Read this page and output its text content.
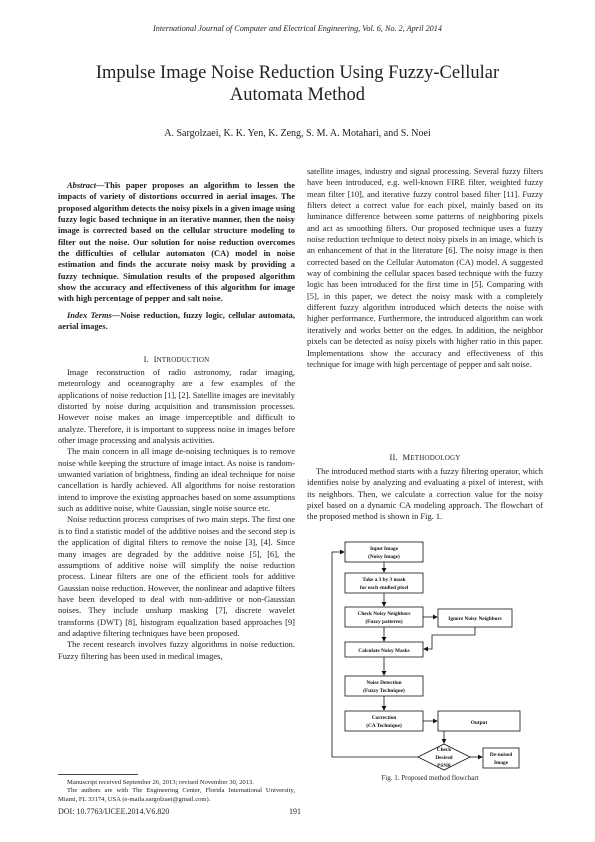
International Journal of Computer and Electrical Engineering, Vol. 6, No. 2, April 2014
Impulse Image Noise Reduction Using Fuzzy-Cellular Automata Method
A. Sargolzaei, K. K. Yen, K. Zeng, S. M. A. Motahari, and S. Noei
Abstract—This paper proposes an algorithm to lessen the impacts of variety of distortions occurred in aerial images. The proposed algorithm detects the noisy pixels in a given image using fuzzy logic based technique in an iterative manner, then the noisy image is corrected based on the cellular structure modeling to filter out the noise. Our solution for noise reduction overcomes the difficulties of cellular automaton (CA) model in noise estimation and finds the accurate noisy mask by providing a fuzzy technique. Simulation results of the proposed algorithm show the accuracy and effectiveness of this algorithm for image with high percentage of pepper and salt noise.
Index Terms—Noise reduction, fuzzy logic, cellular automata, aerial images.
I. INTRODUCTION

Image reconstruction of radio astronomy, radar imaging, meteorology and oceanography are a few examples of the applications of noise reduction [1], [2]. Satellite images are inevitably distorted by noise during acquisition and transmission processes. However noise makes an image imperceptible and difficult to analyze. Therefore, it is important to suppress noise in images before other image processing and analysis activities.

The main concern in all image de-noising techniques is to remove noise while keeping the structure of image intact. As noise is random-unwanted variation of brightness, finding an ideal technique for noise cancellation is hardly achieved. All algorithms for noise restoration intend to improve the existing approaches based on some assumptions such as additive noise, white Gaussian, single noise source etc.

Noise reduction process comprises of two main steps. The first one is to find a statistic model of the additive noises and the second step is the application of digital filters to remove the noise [3], [4]. Since many images are degraded by the additive noise [5], [6], the assumptions of additive noise will simplify the noise reduction process. Linear filters are one of the efficient tools for additive Gaussian noise reduction. However, the nonlinear and adaptive filters have been developed to deal with non-additive or non-Gaussian noises. They include unsharp masking [7], discrete wavelet transforms (DWT) [8], histogram equalization based approaches [9] and adaptive filtering techniques have been proposed.

The recent research involves fuzzy algorithms in noise reduction. Fuzzy filtering has been used in medical images,

Manuscript received September 26, 2013; revised November 30, 2013.
The authors are with The Engineering Center, Florida International University, Miami, FL 33174, USA (e-maila.sargolzaei@gmail.com).

satellite images, industry and signal processing. Several fuzzy filters have been introduced, e.g. well-known FIRE filter, weighted fuzzy mean filter [10], and iterative fuzzy control based filter [11]. Fuzzy filters detect a correct value for each pixel, mainly based on its luminance difference between some patterns of neighboring pixels and act as smoothing filters. Our proposed technique uses a fuzzy noise reduction technique to detect noisy pixels in an image, which is an enhancement of that in the literature [6]. The noisy image is then corrected based on the Cellular Automaton (CA) model. A suggested way of combining the cellular spaces based technique with the fuzzy logic has been introduced for the first time in [5]. Comparing with [5], in this paper, we detect the noisy mask with a completely different fuzzy algorithm introduced which detects the noise with higher performance. Furthermore, the introduced algorithm can work iteratively and works better on the edges. In addition, the neighbor pixels can be detected as noisy pixels with higher ratio in this paper. Implementations show the accuracy and effectiveness of this technique for image with high percentage of pepper and salt noise.

II. METHODOLOGY

The introduced method starts with a fuzzy filtering operator, which identifies noise by analyzing and evaluating a pixel of interest, with its neighbors. Then, we calculate a correction value for the noisy pixel based on a dynamic CA modeling approach. The flowchart of the proposed method is shown in Fig. 1.

Input Image
(Noisy Image)
Take a 3 by 3 mask
for each studied pixel
Check Noisy Neighbors
(Fuzzy patterns)	Ignore Noisy Neighbors
Calculate Noisy Masks
Noise Detection
(Fuzzy Technique)
Correction
(CA Technique)	Output
Check
Desired
PSNR
De-noised
Image
Fig. 1. Proposed method flowchart
DOI: 10.7763/IJCEE.2014.V6.820	191
